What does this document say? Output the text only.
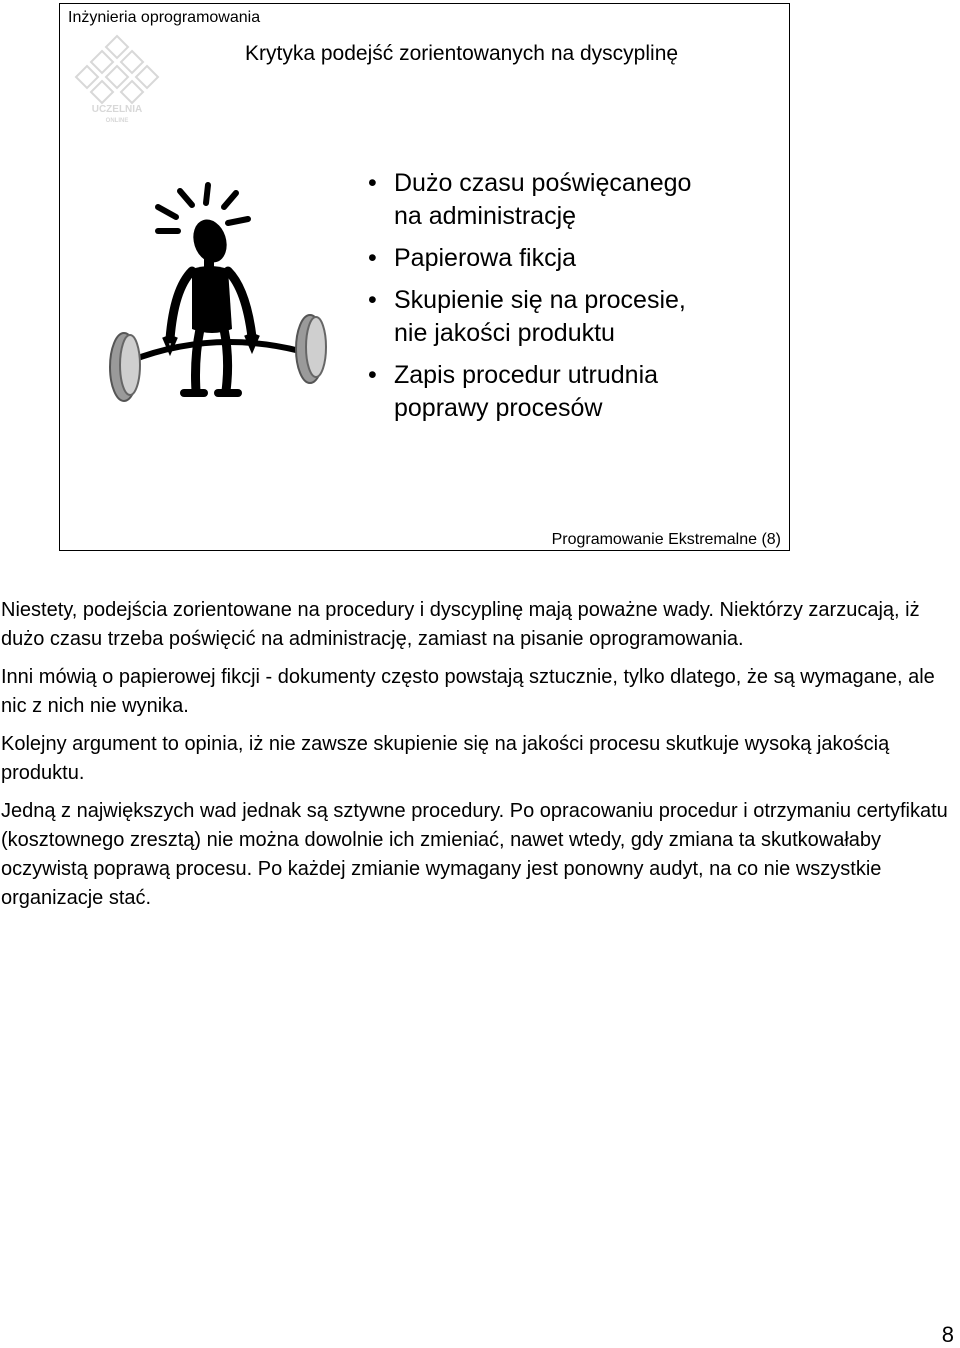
Inżynieria oprogramowania
UCZELNIA
ONLINE
Krytyka podejść zorientowanych na dyscyplinę
• Dużo czasu poświęcanego
na administrację
• Papierowa fikcja
• Skupienie się na procesie,
nie jakości produktu
• Zapis procedur utrudnia
poprawy procesów
Programowanie Ekstremalne (8)

Niestety, podejścia zorientowane na procedury i dyscyplinę mają poważne wady. Niektórzy zarzucają, iż dużo czasu trzeba poświęcić na administrację, zamiast na pisanie oprogramowania.

Inni mówią o papierowej fikcji - dokumenty często powstają sztucznie, tylko dlatego, że są wymagane, ale nic z nich nie wynika.

Kolejny argument to opinia, iż nie zawsze skupienie się na jakości procesu skutkuje wysoką jakością produktu.

Jedną z największych wad jednak są sztywne procedury. Po opracowaniu procedur i otrzymaniu certyfikatu (kosztownego zresztą) nie można dowolnie ich zmieniać, nawet wtedy, gdy zmiana ta skutkowałaby oczywistą poprawą procesu. Po każdej zmianie wymagany jest ponowny audyt, na co nie wszystkie organizacje stać.

8
